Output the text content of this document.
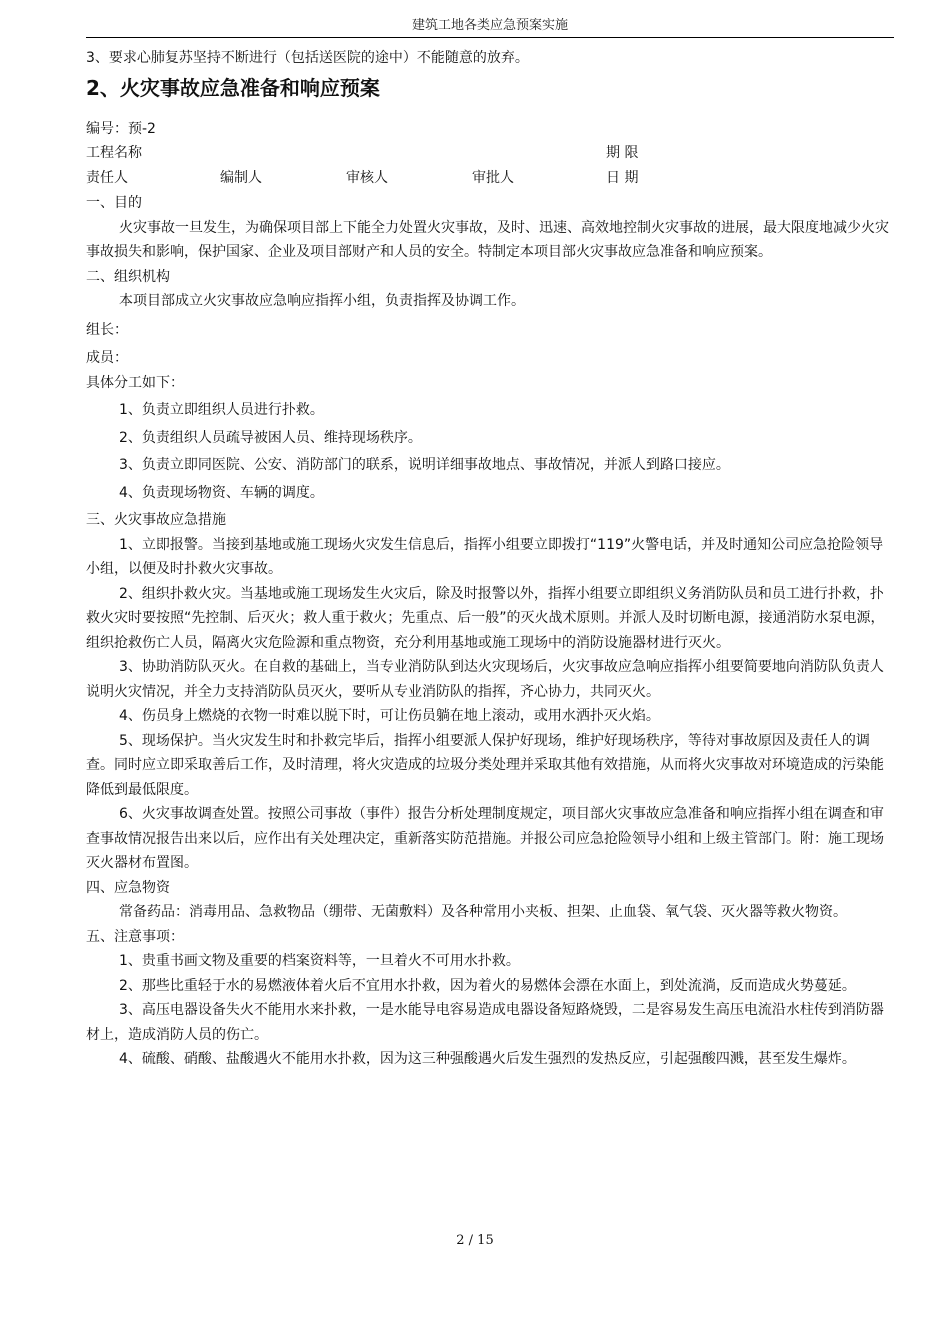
建筑工地各类应急预案实施

3、要求心肺复苏坚持不断进行（包括送医院的途中）不能随意的放弃。

2、火灾事故应急准备和响应预案

编号：预-2

工程名称	期 限
责任人	编制人	审核人	审批人	日 期

一、目的

火灾事故一旦发生，为确保项目部上下能全力处置火灾事故，及时、迅速、高效地控制火灾事故的进展，最大限度地减少火灾事故损失和影响，保护国家、企业及项目部财产和人员的安全。特制定本项目部火灾事故应急准备和响应预案。

二、组织机构

本项目部成立火灾事故应急响应指挥小组，负责指挥及协调工作。

组长：

成员：

具体分工如下：

1、负责立即组织人员进行扑救。

2、负责组织人员疏导被困人员、维持现场秩序。

3、负责立即同医院、公安、消防部门的联系，说明详细事故地点、事故情况，并派人到路口接应。

4、负责现场物资、车辆的调度。

三、火灾事故应急措施

1、立即报警。当接到基地或施工现场火灾发生信息后，指挥小组要立即拨打“119”火警电话，并及时通知公司应急抢险领导小组，以便及时扑救火灾事故。

2、组织扑救火灾。当基地或施工现场发生火灾后，除及时报警以外，指挥小组要立即组织义务消防队员和员工进行扑救，扑救火灾时要按照“先控制、后灭火；救人重于救火；先重点、后一般”的灭火战术原则。并派人及时切断电源，接通消防水泵电源，组织抢救伤亡人员，隔离火灾危险源和重点物资，充分利用基地或施工现场中的消防设施器材进行灭火。

3、协助消防队灭火。在自救的基础上，当专业消防队到达火灾现场后，火灾事故应急响应指挥小组要简要地向消防队负责人说明火灾情况，并全力支持消防队员灭火，要听从专业消防队的指挥，齐心协力，共同灭火。

4、伤员身上燃烧的衣物一时难以脱下时，可让伤员躺在地上滚动，或用水洒扑灭火焰。

5、现场保护。当火灾发生时和扑救完毕后，指挥小组要派人保护好现场，维护好现场秩序，等待对事故原因及责任人的调查。同时应立即采取善后工作，及时清理，将火灾造成的垃圾分类处理并采取其他有效措施，从而将火灾事故对环境造成的污染能降低到最低限度。

6、火灾事故调查处置。按照公司事故（事件）报告分析处理制度规定，项目部火灾事故应急准备和响应指挥小组在调查和审查事故情况报告出来以后，应作出有关处理决定，重新落实防范措施。并报公司应急抢险领导小组和上级主管部门。附：施工现场灭火器材布置图。

四、应急物资

常备药品：消毒用品、急救物品（绷带、无菌敷料）及各种常用小夹板、担架、止血袋、氧气袋、灭火器等救火物资。

五、注意事项：

1、贵重书画文物及重要的档案资料等，一旦着火不可用水扑救。

2、那些比重轻于水的易燃液体着火后不宜用水扑救，因为着火的易燃体会漂在水面上，到处流淌，反而造成火势蔓延。

3、高压电器设备失火不能用水来扑救，一是水能导电容易造成电器设备短路烧毁，二是容易发生高压电流沿水柱传到消防器材上，造成消防人员的伤亡。

4、硫酸、硝酸、盐酸遇火不能用水扑救，因为这三种强酸遇火后发生强烈的发热反应，引起强酸四溅，甚至发生爆炸。

2 / 15
